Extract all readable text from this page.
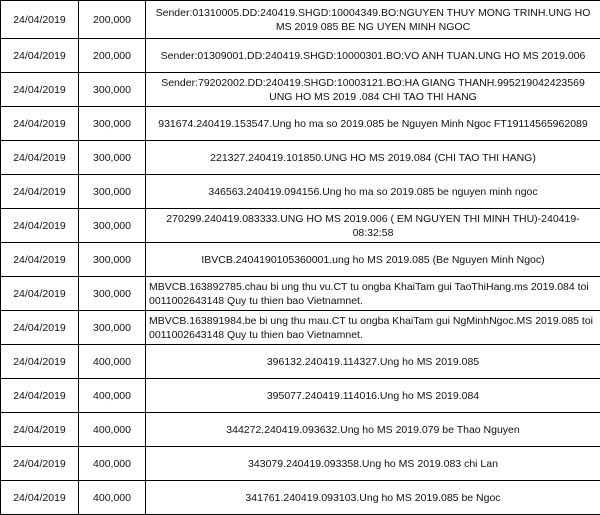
24/04/2019	200,000	Sender:01310005.DD:240419.SHGD:10004349.BO:NGUYEN THUY MONG TRINH.UNG HO MS 2019 085 BE NG UYEN MINH NGOC
24/04/2019	200,000	Sender:01309001.DD:240419.SHGD:10000301.BO:VO ANH TUAN.UNG HO MS 2019.006
24/04/2019	300,000	Sender:79202002.DD:240419.SHGD:10003121.BO:HA GIANG THANH.995219042423569 UNG HO MS 2019 .084 CHI TAO THI HANG
24/04/2019	300,000	931674.240419.153547.Ung ho ma so 2019.085 be Nguyen Minh Ngoc FT19114565962089
24/04/2019	300,000	221327.240419.101850.UNG HO MS 2019.084 (CHI TAO THI HANG)
24/04/2019	300,000	346563.240419.094156.Ung ho ma so 2019.085 be nguyen minh ngoc
24/04/2019	300,000	270299.240419.083333.UNG HO MS 2019.006 ( EM NGUYEN THI MINH THU)-240419-08:32:58
24/04/2019	300,000	IBVCB.2404190105360001.ung ho MS 2019.085 (Be Nguyen Minh Ngoc)
24/04/2019	300,000	MBVCB.163892785.chau bi ung thu vu.CT tu ongba KhaiTam gui TaoThiHang.ms 2019.084 toi 0011002643148 Quy tu thien bao Vietnamnet.
24/04/2019	300,000	MBVCB.163891984.be bi ung thu mau.CT tu ongba KhaiTam gui NgMinhNgoc.MS 2019.085 toi 0011002643148 Quy tu thien bao Vietnamnet.
24/04/2019	400,000	396132.240419.114327.Ung ho MS 2019.085
24/04/2019	400,000	395077.240419.114016.Ung ho MS 2019.084
24/04/2019	400,000	344272.240419.093632.Ung ho MS 2019.079 be Thao Nguyen
24/04/2019	400,000	343079.240419.093358.Ung ho MS 2019.083 chi Lan
24/04/2019	400,000	341761.240419.093103.Ung ho MS 2019.085 be Ngoc
